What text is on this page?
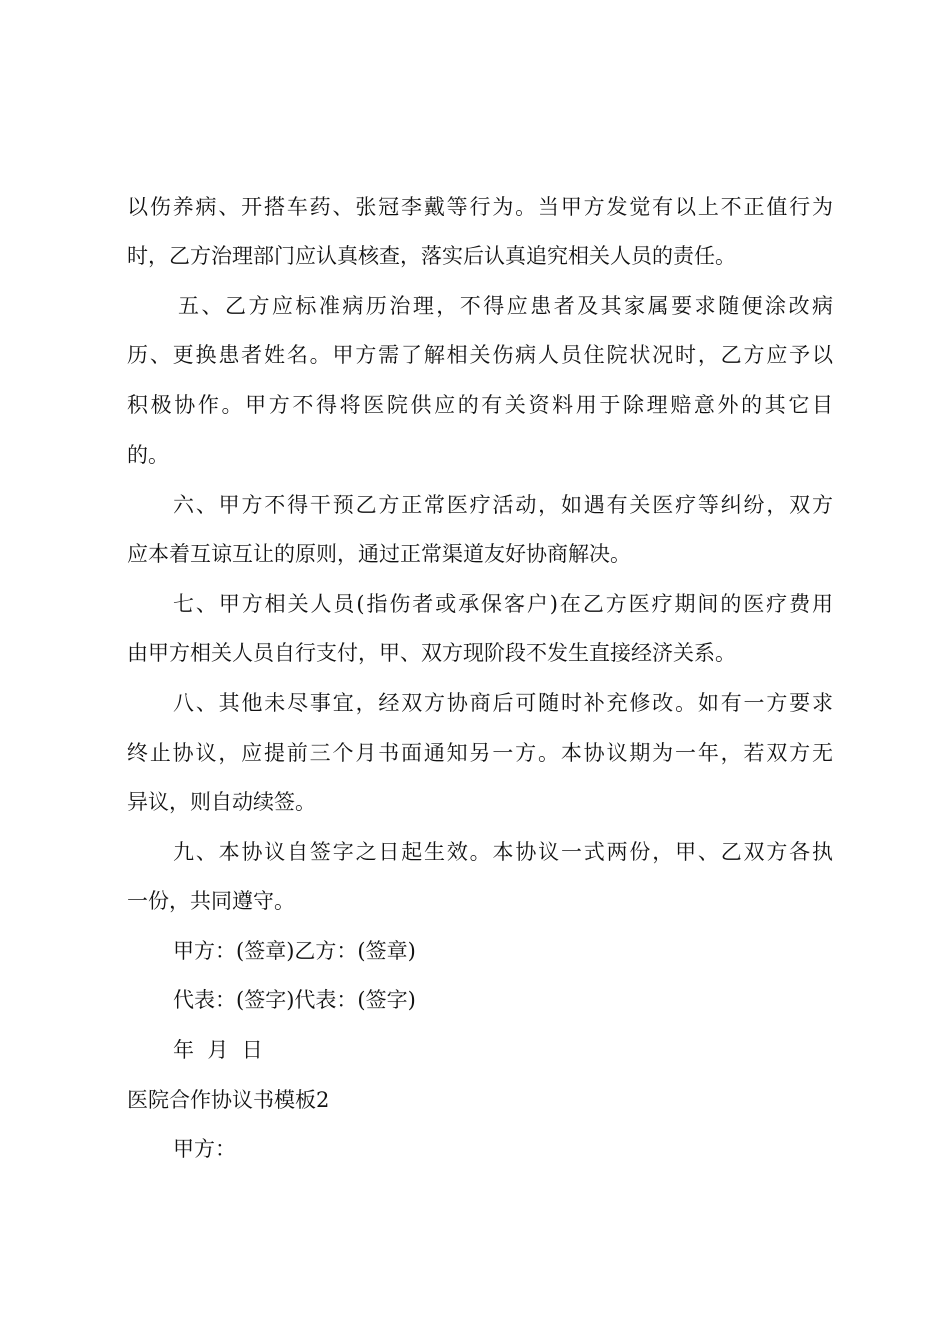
以伤养病、开搭车药、张冠李戴等行为。当甲方发觉有以上不正值行为
时，乙方治理部门应认真核查，落实后认真追究相关人员的责任。
五、乙方应标准病历治理，不得应患者及其家属要求随便涂改病
历、更换患者姓名。甲方需了解相关伤病人员住院状况时，乙方应予以
积极协作。甲方不得将医院供应的有关资料用于除理赔意外的其它目
的。
六、甲方不得干预乙方正常医疗活动，如遇有关医疗等纠纷，双方
应本着互谅互让的原则，通过正常渠道友好协商解决。
七、甲方相关人员(指伤者或承保客户)在乙方医疗期间的医疗费用
由甲方相关人员自行支付，甲、双方现阶段不发生直接经济关系。
八、其他未尽事宜，经双方协商后可随时补充修改。如有一方要求
终止协议，应提前三个月书面通知另一方。本协议期为一年，若双方无
异议，则自动续签。
九、本协议自签字之日起生效。本协议一式两份，甲、乙双方各执
一份，共同遵守。
甲方：(签章)乙方：(签章)
代表：(签字)代表：(签字)
年  月  日
医院合作协议书模板2
甲方：
